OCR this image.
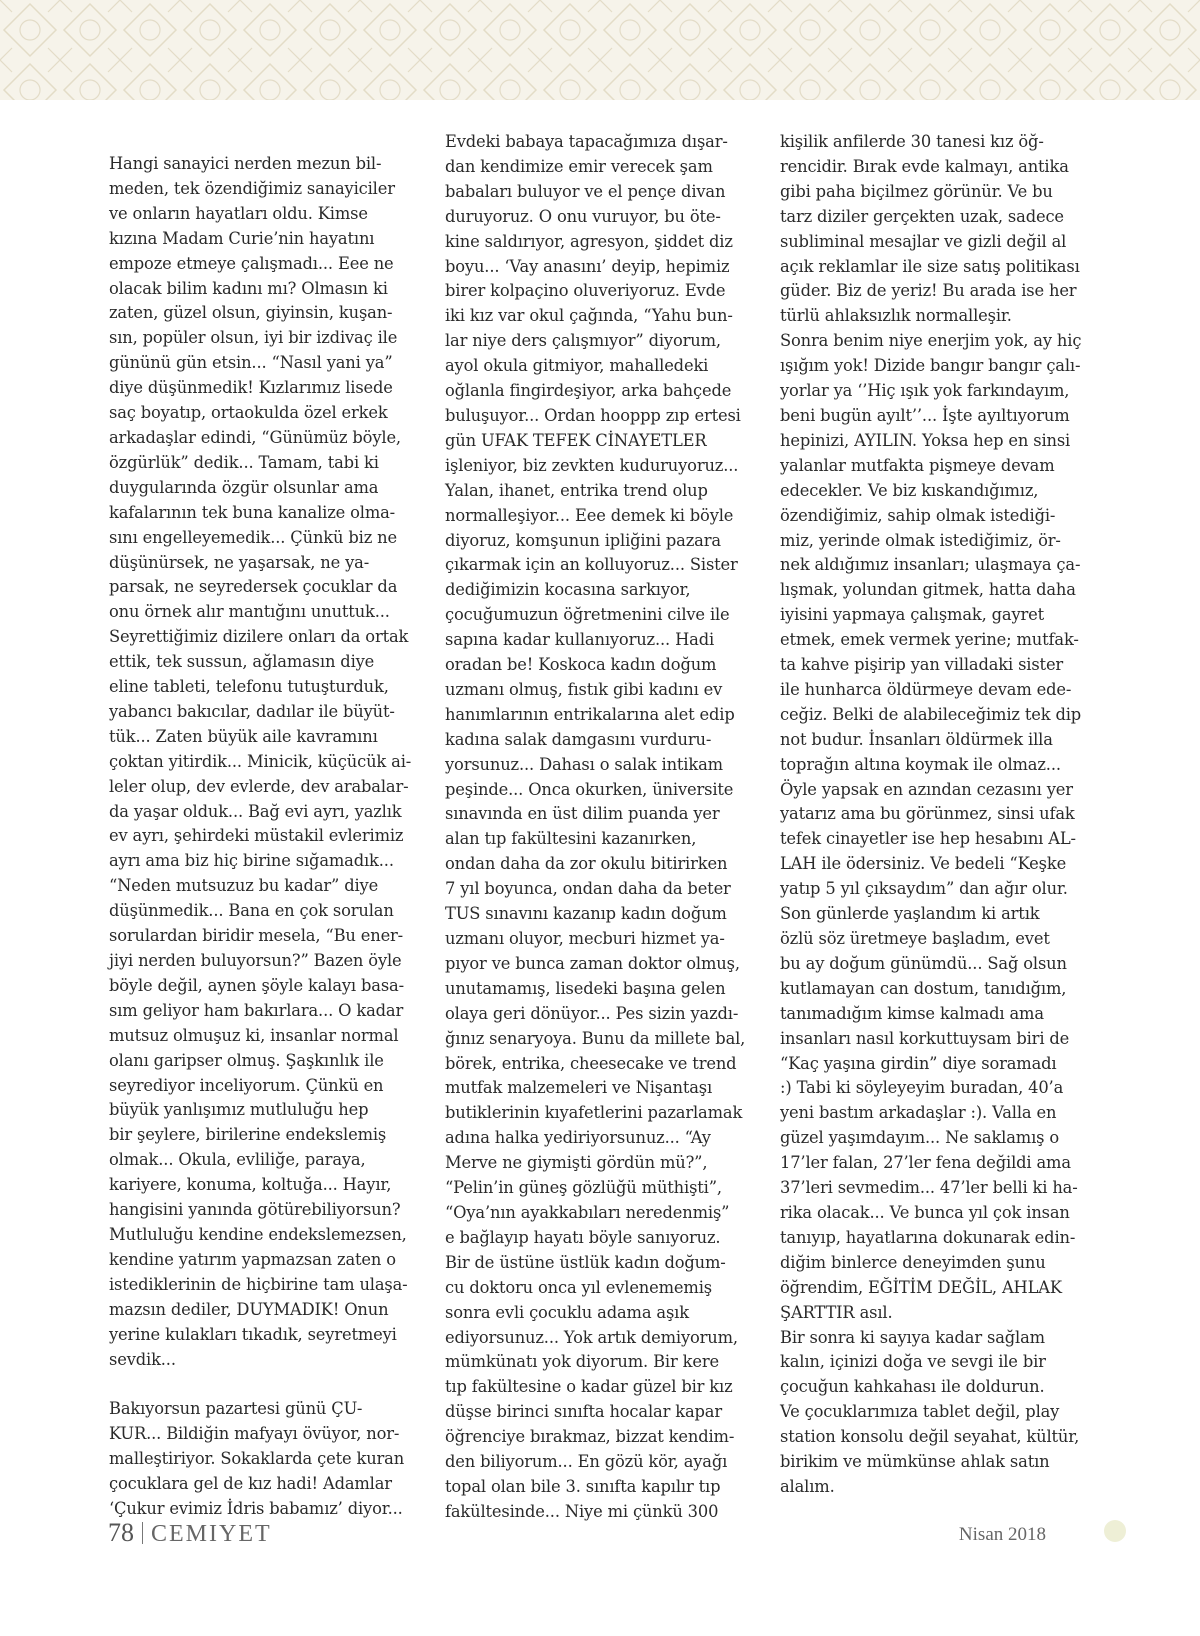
Hangi sanayici nerden mezun bil-

meden, tek özendiğimiz sanayiciler

ve onların hayatları oldu. Kimse

kızına Madam Curie’nin hayatını

empoze etmeye çalışmadı... Eee ne

olacak bilim kadını mı? Olmasın ki

zaten, güzel olsun, giyinsin, kuşan-

sın, popüler olsun, iyi bir izdivaç ile

gününü gün etsin... “Nasıl yani ya”

diye düşünmedik! Kızlarımız lisede

saç boyatıp, ortaokulda özel erkek

arkadaşlar edindi, “Günümüz böyle,

özgürlük” dedik... Tamam, tabi ki

duygularında özgür olsunlar ama

kafalarının tek buna kanalize olma-

sını engelleyemedik... Çünkü biz ne

düşünürsek, ne yaşarsak, ne ya-

parsak, ne seyredersek çocuklar da

onu örnek alır mantığını unuttuk...

Seyrettiğimiz dizilere onları da ortak

ettik, tek sussun, ağlamasın diye

eline tableti, telefonu tutuşturduk,

yabancı bakıcılar, dadılar ile büyüt-

tük... Zaten büyük aile kavramını

çoktan yitirdik... Minicik, küçücük ai-

leler olup, dev evlerde, dev arabalar-

da yaşar olduk... Bağ evi ayrı, yazlık

ev ayrı, şehirdeki müstakil evlerimiz

ayrı ama biz hiç birine sığamadık...

“Neden mutsuzuz bu kadar” diye

düşünmedik... Bana en çok sorulan

sorulardan biridir mesela, “Bu ener-

jiyi nerden buluyorsun?” Bazen öyle

böyle değil, aynen şöyle kalayı basa-

sım geliyor ham bakırlara... O kadar

mutsuz olmuşuz ki, insanlar normal

olanı garipser olmuş. Şaşkınlık ile

seyrediyor inceliyorum. Çünkü en

büyük yanlışımız mutluluğu hep

bir şeylere, birilerine endekslemiş

olmak... Okula, evliliğe, paraya,

kariyere, konuma, koltuğa... Hayır,

hangisini yanında götürebiliyorsun?

Mutluluğu kendine endekslemezsen,

kendine yatırım yapmazsan zaten o

istediklerinin de hiçbirine tam ulaşa-

mazsın dediler, DUYMADIK! Onun

yerine kulakları tıkadık, seyretmeyi

sevdik...

Bakıyorsun pazartesi günü ÇU-

KUR... Bildiğin mafyayı övüyor, nor-

malleştiriyor. Sokaklarda çete kuran

çocuklara gel de kız hadi! Adamlar

‘Çukur evimiz İdris babamız’ diyor...

Evdeki babaya tapacağımıza dışar-

dan kendimize emir verecek şam

babaları buluyor ve el pençe divan

duruyoruz. O onu vuruyor, bu öte-

kine saldırıyor, agresyon, şiddet diz

boyu... ‘Vay anasını’ deyip, hepimiz

birer kolpaçino oluveriyoruz. Evde

iki kız var okul çağında, “Yahu bun-

lar niye ders çalışmıyor” diyorum,

ayol okula gitmiyor, mahalledeki

oğlanla fingirdeşiyor, arka bahçede

buluşuyor... Ordan hooppp zıp ertesi

gün UFAK TEFEK CİNAYETLER

işleniyor, biz zevkten kuduruyoruz...

Yalan, ihanet, entrika trend olup

normalleşiyor... Eee demek ki böyle

diyoruz, komşunun ipliğini pazara

çıkarmak için an kolluyoruz... Sister

dediğimizin kocasına sarkıyor,

çocuğumuzun öğretmenini cilve ile

sapına kadar kullanıyoruz... Hadi

oradan be! Koskoca kadın doğum

uzmanı olmuş, fıstık gibi kadını ev

hanımlarının entrikalarına alet edip

kadına salak damgasını vurduru-

yorsunuz... Dahası o salak intikam

peşinde... Onca okurken, üniversite

sınavında en üst dilim puanda yer

alan tıp fakültesini kazanırken,

ondan daha da zor okulu bitirirken

7 yıl boyunca, ondan daha da beter

TUS sınavını kazanıp kadın doğum

uzmanı oluyor, mecburi hizmet ya-

pıyor ve bunca zaman doktor olmuş,

unutamamış, lisedeki başına gelen

olaya geri dönüyor... Pes sizin yazdı-

ğınız senaryoya. Bunu da millete bal,

börek, entrika, cheesecake ve trend

mutfak malzemeleri ve Nişantaşı

butiklerinin kıyafetlerini pazarlamak

adına halka yediriyorsunuz... “Ay

Merve ne giymişti gördün mü?”,

“Pelin’in güneş gözlüğü müthişti”,

“Oya’nın ayakkabıları neredenmiş”

e bağlayıp hayatı böyle sanıyoruz.

Bir de üstüne üstlük kadın doğum-

cu doktoru onca yıl evlenememiş

sonra evli çocuklu adama aşık

ediyorsunuz... Yok artık demiyorum,

mümkünatı yok diyorum. Bir kere

tıp fakültesine o kadar güzel bir kız

düşse birinci sınıfta hocalar kapar

öğrenciye bırakmaz, bizzat kendim-

den biliyorum... En gözü kör, ayağı

topal olan bile 3. sınıfta kapılır tıp

fakültesinde... Niye mi çünkü 300

kişilik anfilerde 30 tanesi kız öğ-

rencidir. Bırak evde kalmayı, antika

gibi paha biçilmez görünür. Ve bu

tarz diziler gerçekten uzak, sadece

subliminal mesajlar ve gizli değil al

açık reklamlar ile size satış politikası

güder. Biz de yeriz! Bu arada ise her

türlü ahlaksızlık normalleşir.

Sonra benim niye enerjim yok, ay hiç

ışığım yok! Dizide bangır bangır çalı-

yorlar ya ‘’Hiç ışık yok farkındayım,

beni bugün ayılt’’... İşte ayıltıyorum

hepinizi, AYILIN. Yoksa hep en sinsi

yalanlar mutfakta pişmeye devam

edecekler. Ve biz kıskandığımız,

özendiğimiz, sahip olmak istediği-

miz, yerinde olmak istediğimiz, ör-

nek aldığımız insanları; ulaşmaya ça-

lışmak, yolundan gitmek, hatta daha

iyisini yapmaya çalışmak, gayret

etmek, emek vermek yerine; mutfak-

ta kahve pişirip yan villadaki sister

ile hunharca öldürmeye devam ede-

ceğiz. Belki de alabileceğimiz tek dip

not budur. İnsanları öldürmek illa

toprağın altına koymak ile olmaz...

Öyle yapsak en azından cezasını yer

yatarız ama bu görünmez, sinsi ufak

tefek cinayetler ise hep hesabını AL-

LAH ile ödersiniz. Ve bedeli “Keşke

yatıp 5 yıl çıksaydım” dan ağır olur.

Son günlerde yaşlandım ki artık

özlü söz üretmeye başladım, evet

bu ay doğum günümdü... Sağ olsun

kutlamayan can dostum, tanıdığım,

tanımadığım kimse kalmadı ama

insanları nasıl korkuttuysam biri de

“Kaç yaşına girdin” diye soramadı

:) Tabi ki söyleyeyim buradan, 40’a

yeni bastım arkadaşlar :). Valla en

güzel yaşımdayım... Ne saklamış o

17’ler falan, 27’ler fena değildi ama

37’leri sevmedim... 47’ler belli ki ha-

rika olacak... Ve bunca yıl çok insan

tanıyıp, hayatlarına dokunarak edin-

diğim binlerce deneyimden şunu

öğrendim, EĞİTİM DEĞİL, AHLAK

ŞARTTIR asıl.

Bir sonra ki sayıya kadar sağlam

kalın, içinizi doğa ve sevgi ile bir

çocuğun kahkahası ile doldurun.

Ve çocuklarımıza tablet değil, play

station konsolu değil seyahat, kültür,

birikim ve mümkünse ahlak satın

alalım.

78 CEMIYET	Nisan 2018
